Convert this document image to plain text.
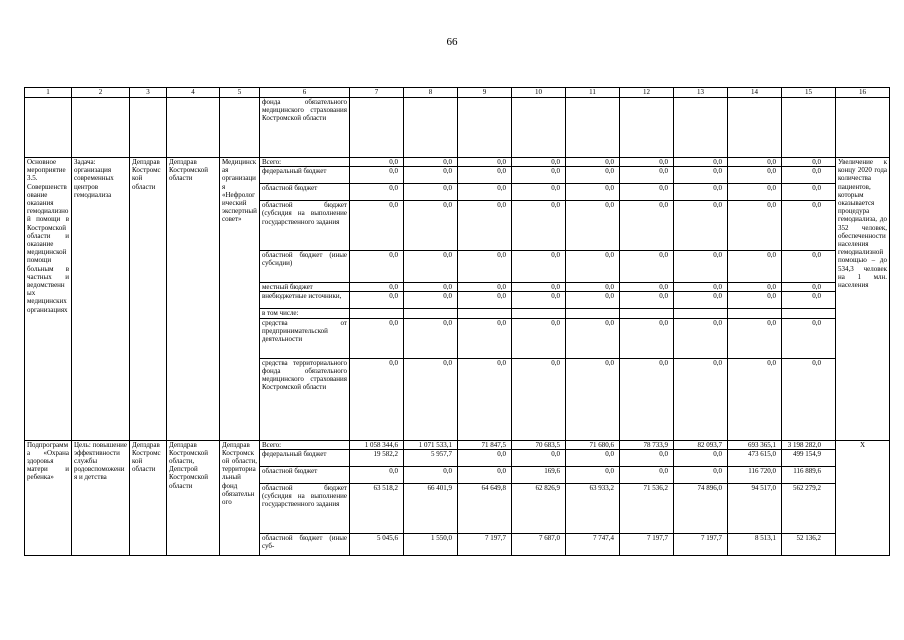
66
1	2	3	4	5	6	7	8	9	10	11	12	13	14	15	16
					фонда обязательного медицинского страхования Костромской области										
Основное мероприятие 3.5. Совершенствование оказания гемодиализной помощи в Костромской области и оказание медицинской помощи больным в частных и ведомственных медицинских организациях	Задача: организация современных центров гемодиализа	Депздрав Костромской области	Депздрав Костромской области	Медицинская организация «Нефрологический экспертный совет»	Всего:	0,0	0,0	0,0	0,0	0,0	0,0	0,0	0,0	0,0	Увеличение к концу 2020 года количества пациентов, которым оказывается процедура гемодиализа, до 352 человек, обеспеченности населения гемодиализной помощью – до 534,3 человек на 1 млн. населения
					федеральный бюджет	0,0	0,0	0,0	0,0	0,0	0,0	0,0	0,0	0,0	
					областной бюджет	0,0	0,0	0,0	0,0	0,0	0,0	0,0	0,0	0,0	
					областной бюджет (субсидия на выполнение государственного задания	0,0	0,0	0,0	0,0	0,0	0,0	0,0	0,0	0,0	
					областной бюджет (иные субсидии)	0,0	0,0	0,0	0,0	0,0	0,0	0,0	0,0	0,0	
					местный бюджет	0,0	0,0	0,0	0,0	0,0	0,0	0,0	0,0	0,0	
					внебюджетные источники,	0,0	0,0	0,0	0,0	0,0	0,0	0,0	0,0	0,0	
					в том числе:										
					средства от предпринимательской деятельности	0,0	0,0	0,0	0,0	0,0	0,0	0,0	0,0	0,0	
					средства территориального фонда обязательного медицинского страхования Костромской области	0,0	0,0	0,0	0,0	0,0	0,0	0,0	0,0	0,0	
Подпрограмма «Охрана здоровья матери и ребенка»	Цель: повышение эффективности службы родовспоможения и детства	Депздрав Костромской области	Депздрав Костромской области, Депстрой Костромской области	Депздрав Костромской области, территориальный фонд обязательного	Всего:	1 058 344,6	1 071 533,1	71 847,5	70 683,5	71 680,6	78 733,9	82 093,7	693 365,1	3 198 282,0	Х
					федеральный бюджет	19 582,2	5 957,7	0,0	0,0	0,0	0,0	0,0	473 615,0	499 154,9	
					областной бюджет	0,0	0,0	0,0	169,6	0,0	0,0	0,0	116 720,0	116 889,6	
					областной бюджет (субсидия на выполнение государственного задания	63 518,2	66 401,9	64 649,8	62 826,9	63 933,2	71 536,2	74 896,0	94 517,0	562 279,2	
					областной бюджет (иные суб-	5 045,6	1 550,0	7 197,7	7 687,0	7 747,4	7 197,7	7 197,7	8 513,1	52 136,2	
